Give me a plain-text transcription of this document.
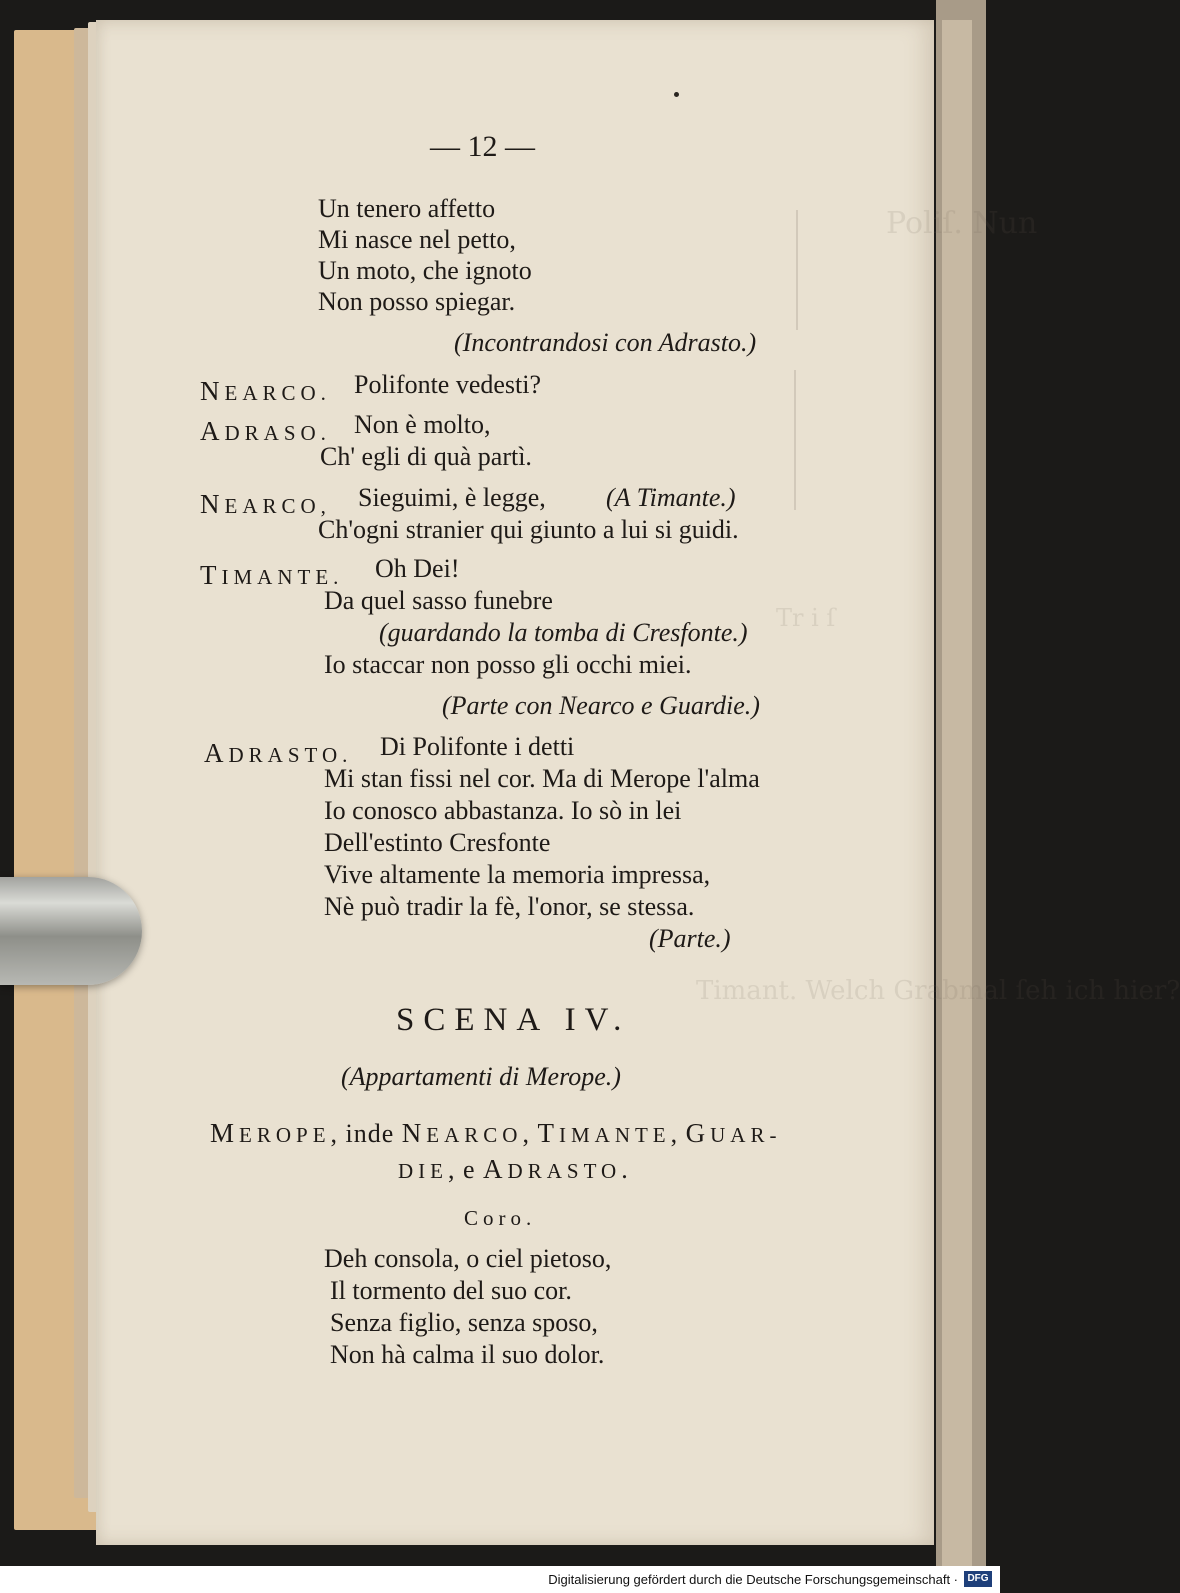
Poliſ. Nun
Timant. Welch Grabmal ſeh ich hier?
Tr i ſ
— 12 —
Un tenero affetto
Mi nasce nel petto,
Un moto, che ignoto
Non posso spiegar.
(Incontrandosi con Adrasto.)
NEARCO. Polifonte vedesti?
ADRASO. Non è molto,
Ch' egli di quà partì.
NEARCO, Sieguimi, è legge, (A Timante.)
Ch'ogni stranier qui giunto a lui si guidi.
TIMANTE. Oh Dei!
Da quel sasso funebre
(guardando la tomba di Cresfonte.)
Io staccar non posso gli occhi miei.
(Parte con Nearco e Guardie.)
ADRASTO. Di Polifonte i detti
Mi stan fissi nel cor. Ma di Merope l'alma
Io conosco abbastanza. Io sò in lei
Dell'estinto Cresfonte
Vive altamente la memoria impressa,
Nè può tradir la fè, l'onor, se stessa.
(Parte.)
SCENA IV.
(Appartamenti di Merope.)
MEROPE, inde NEARCO, TIMANTE, GUAR-
DIE, e ADRASTO.
Coro.
Deh consola, o ciel pietoso,
Il tormento del suo cor.
Senza figlio, senza sposo,
Non hà calma il suo dolor.
Digitalisierung gefördert durch die Deutsche Forschungsgemeinschaft · DFG
